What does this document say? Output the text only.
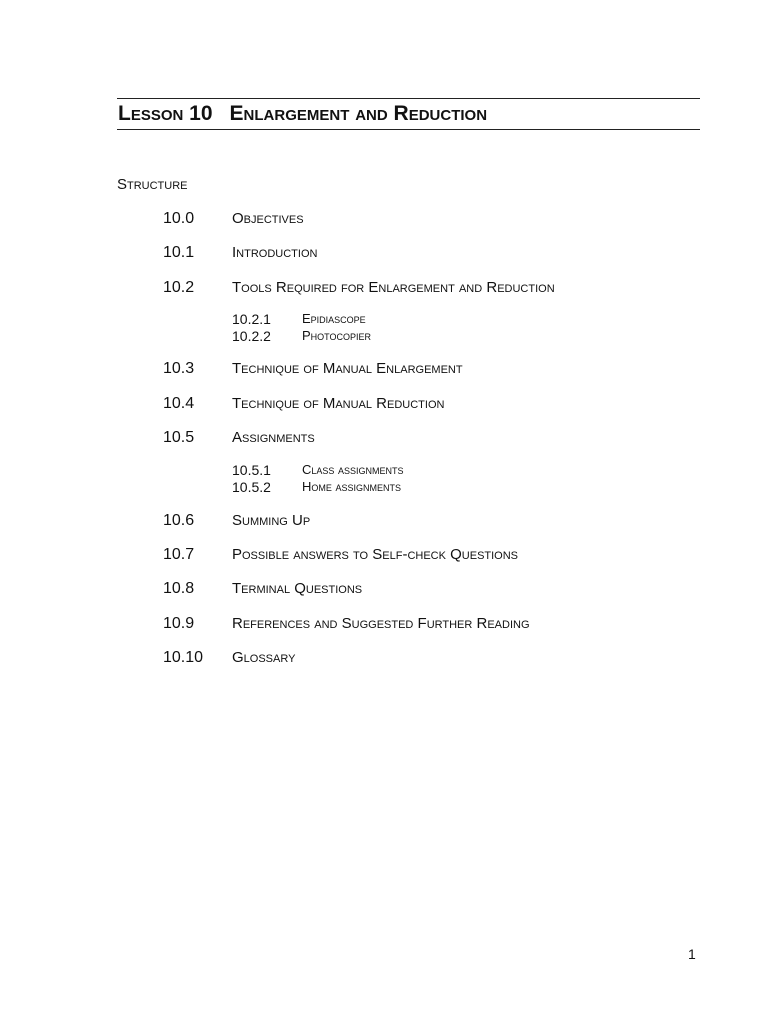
Lesson 10 Enlargement and Reduction
Structure
10.0	Objectives
10.1	Introduction
10.2	Tools Required for Enlargement and Reduction
10.2.1 Epidiascope
10.2.2 Photocopier
10.3	Technique of Manual Enlargement
10.4	Technique of Manual Reduction
10.5	Assignments
10.5.1 Class assignments
10.5.2 Home assignments
10.6	Summing Up
10.7	Possible answers to Self-check Questions
10.8	Terminal Questions
10.9	References and Suggested Further Reading
10.10 Glossary
1
